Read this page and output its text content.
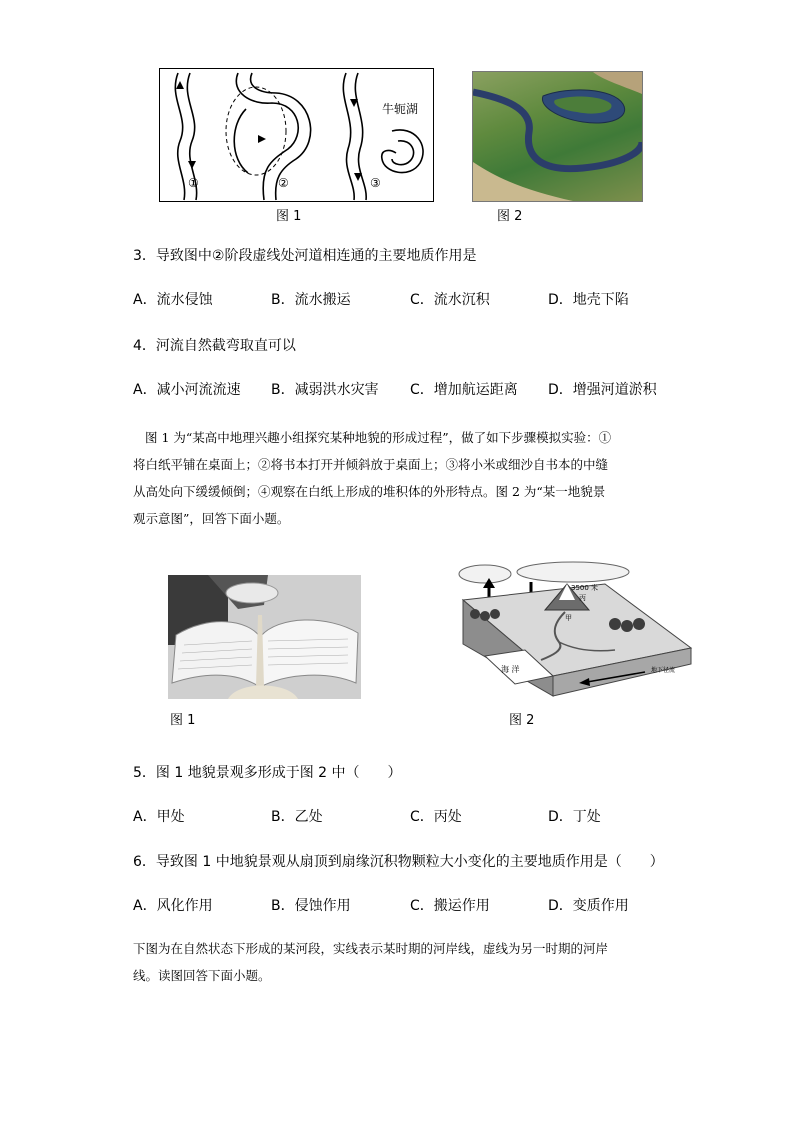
①	②	③
牛轭湖
图 1	图 2
3．导致图中②阶段虚线处河道相连通的主要地质作用是
A．流水侵蚀	B．流水搬运	C．流水沉积	D．地壳下陷
4．河流自然截弯取直可以
A．减小河流流速 B．减弱洪水灾害 C．增加航运距离 D．增强河道淤积
图 1 为“某高中地理兴趣小组探究某种地貌的形成过程”，做了如下步骤模拟实验：①
将白纸平铺在桌面上；②将书本打开并倾斜放于桌面上；③将小米或细沙自书本的中缝
从高处向下缓缓倾倒；④观察在白纸上形成的堆积体的外形特点。图 2 为“某一地貌景
观示意图”，回答下面小题。
图 1
3500 米
丙
甲
海 洋	地下径流
图 2
5．图 1 地貌景观多形成于图 2 中（　　）
A．甲处	B．乙处	C．丙处	D．丁处
6．导致图 1 中地貌景观从扇顶到扇缘沉积物颗粒大小变化的主要地质作用是（　　）
A．风化作用	B．侵蚀作用	C．搬运作用	D．变质作用
下图为在自然状态下形成的某河段，实线表示某时期的河岸线，虚线为另一时期的河岸
线。读图回答下面小题。
